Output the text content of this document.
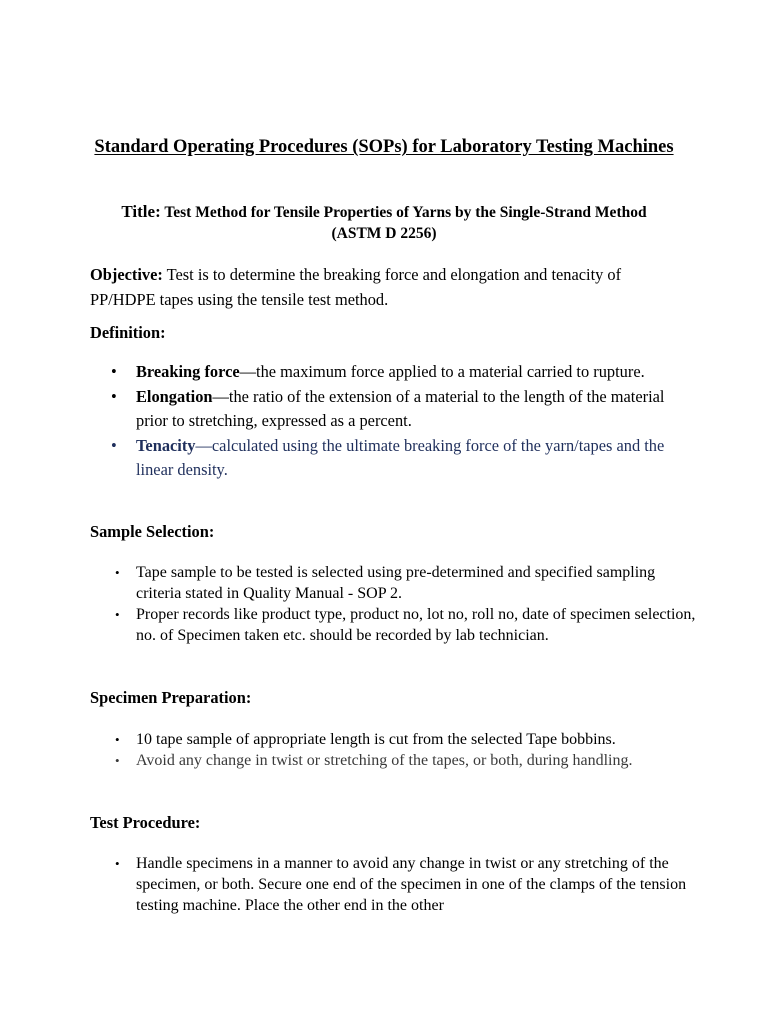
Standard Operating Procedures (SOPs) for Laboratory Testing Machines

Title: Test Method for Tensile Properties of Yarns by the Single-Strand Method (ASTM D 2256)

Objective: Test is to determine the breaking force and elongation and tenacity of PP/HDPE tapes using the tensile test method.

Definition:

• Breaking force—the maximum force applied to a material carried to rupture.
• Elongation—the ratio of the extension of a material to the length of the material prior to stretching, expressed as a percent.
• Tenacity—calculated using the ultimate breaking force of the yarn/tapes and the linear density.

Sample Selection:

• Tape sample to be tested is selected using pre-determined and specified sampling criteria stated in Quality Manual - SOP 2.
• Proper records like product type, product no, lot no, roll no, date of specimen selection, no. of Specimen taken etc. should be recorded by lab technician.

Specimen Preparation:

• 10 tape sample of appropriate length is cut from the selected Tape bobbins.
• Avoid any change in twist or stretching of the tapes, or both, during handling.

Test Procedure:

• Handle specimens in a manner to avoid any change in twist or any stretching of the specimen, or both. Secure one end of the specimen in one of the clamps of the tension testing machine. Place the other end in the other
